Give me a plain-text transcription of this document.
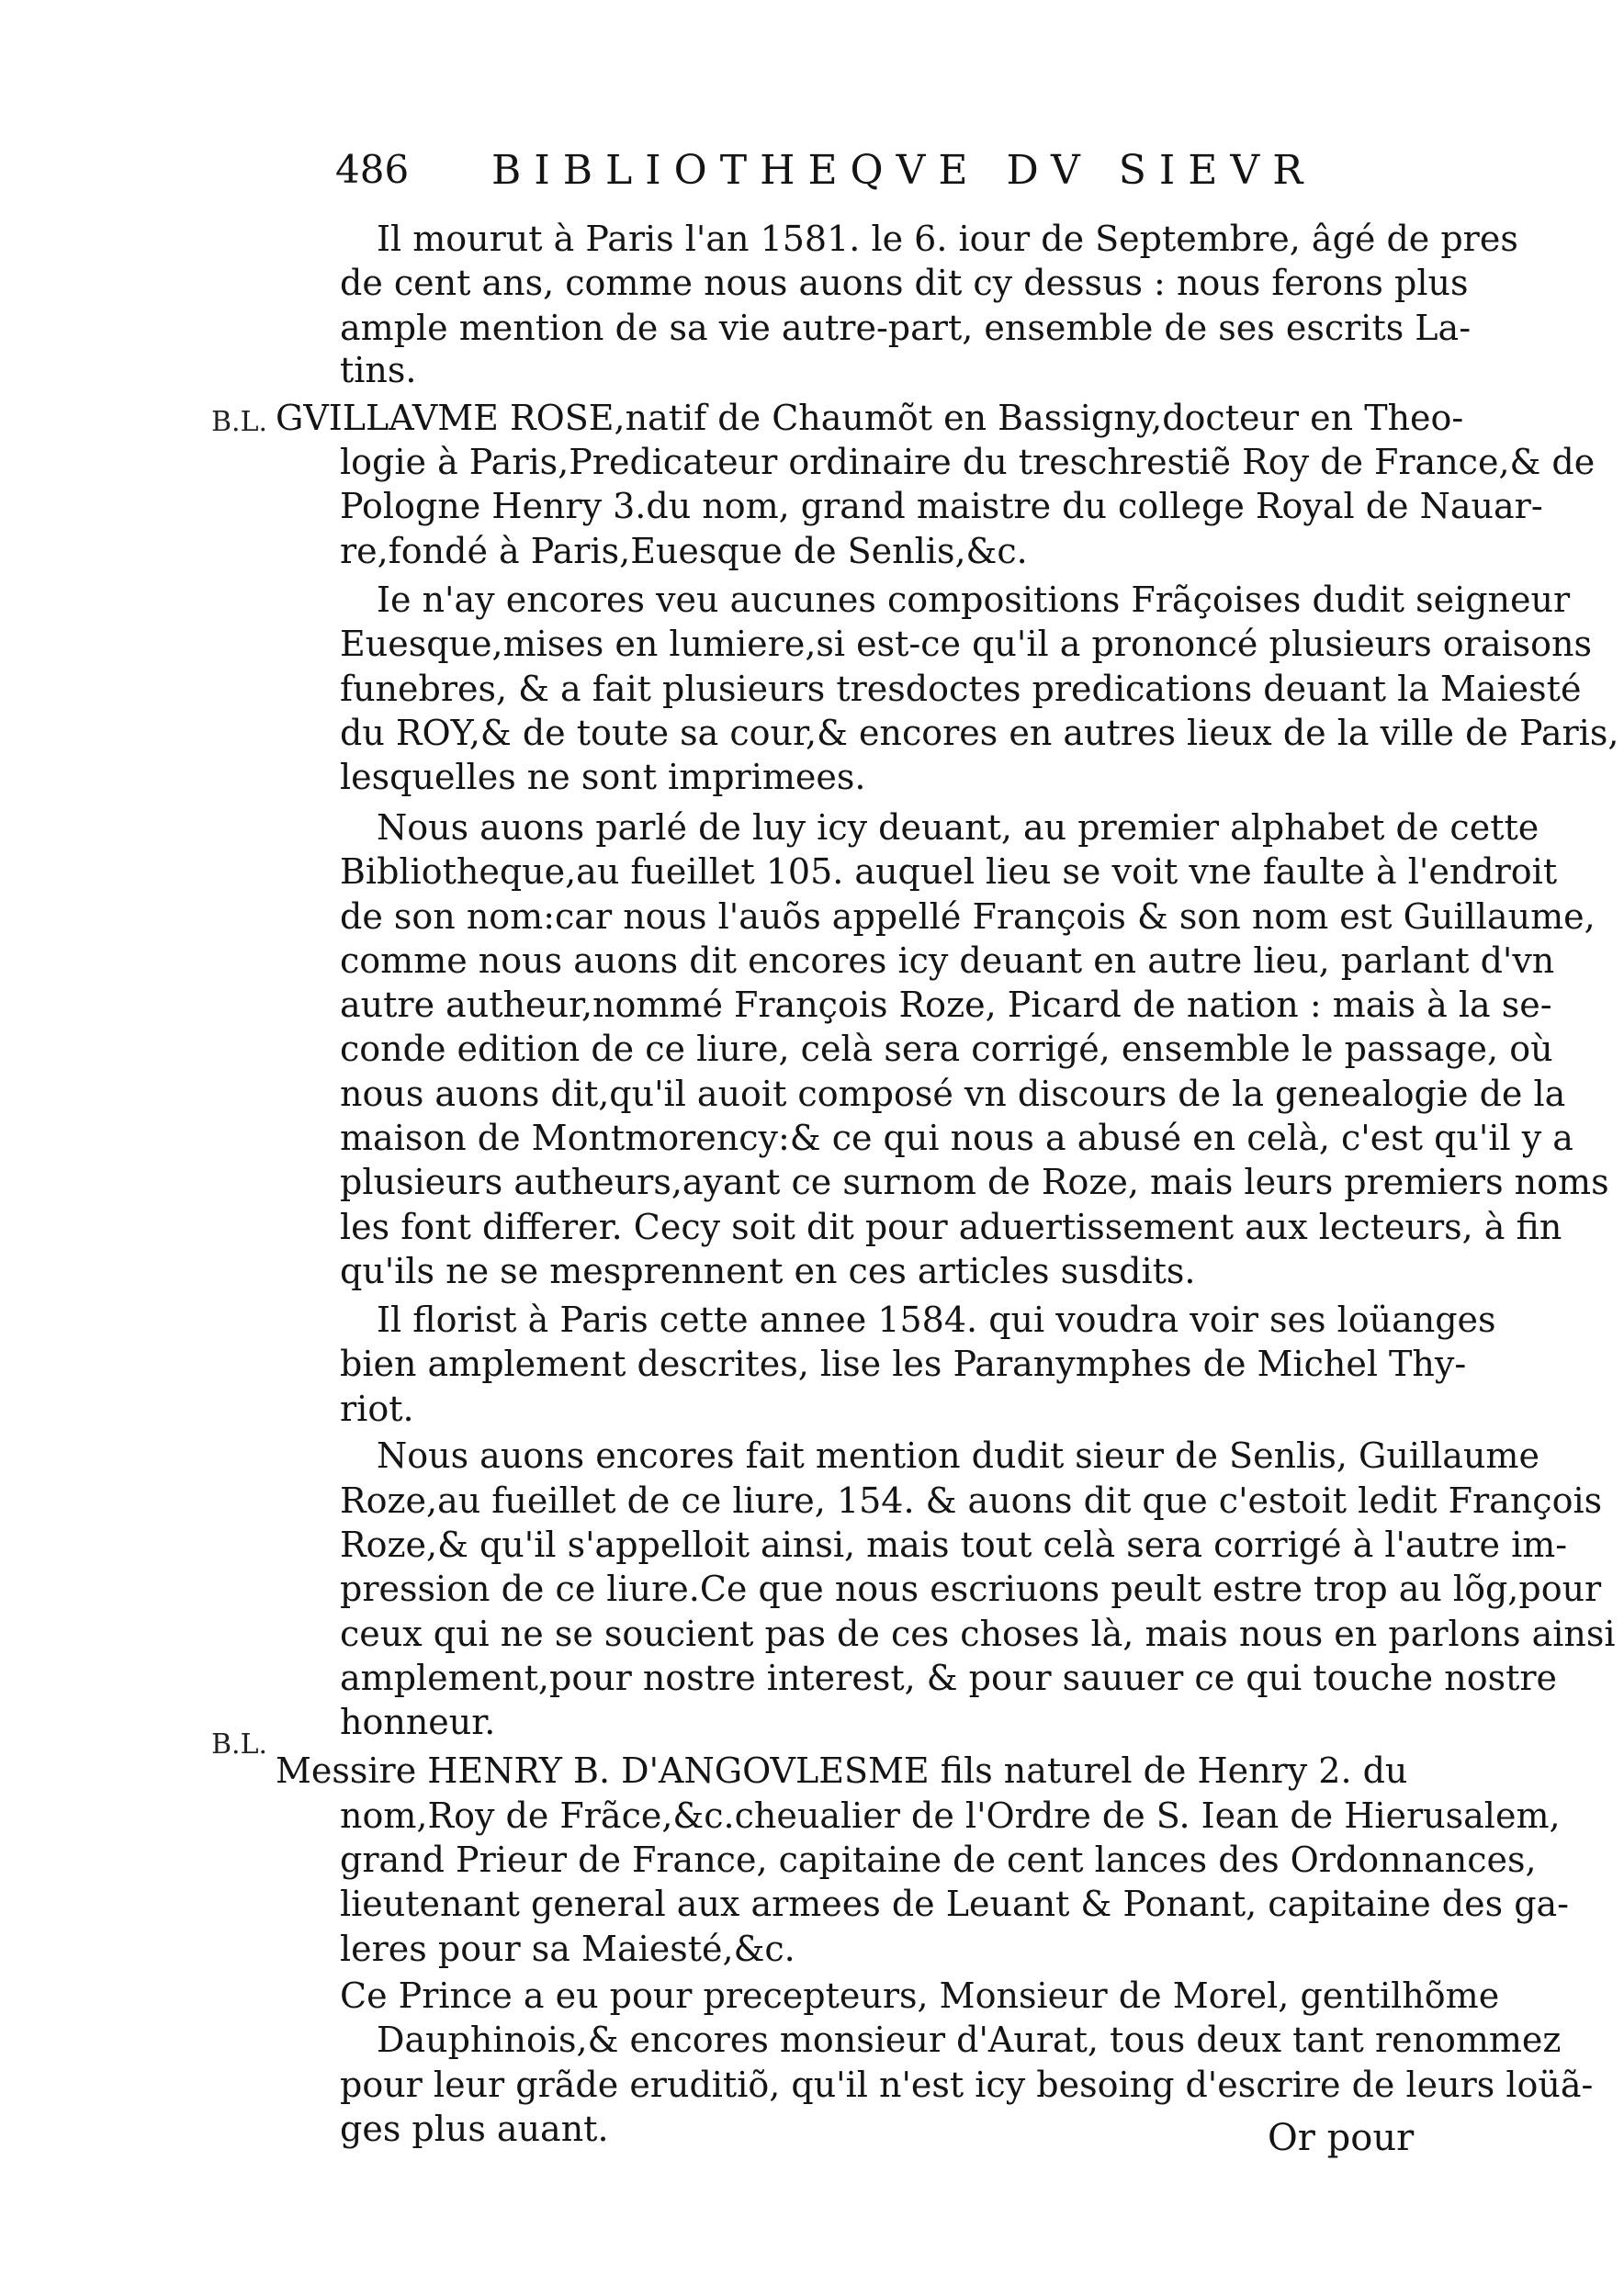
486 BIBLIOTHEQVE DV SIEVR
B.L.
B.L.
Il mourut à Paris l'an 1581. le 6. iour de Septembre, âgé de pres
de cent ans, comme nous auons dit cy dessus : nous ferons plus
ample mention de sa vie autre-part, ensemble de ses escrits La-
tins.
GVILLAVME ROSE,natif de Chaumõt en Bassigny,docteur en Theo-
logie à Paris,Predicateur ordinaire du treschrestiẽ Roy de France,& de
Pologne Henry 3.du nom, grand maistre du college Royal de Nauar-
re,fondé à Paris,Euesque de Senlis,&c.
Ie n'ay encores veu aucunes compositions Frãçoises dudit seigneur
Euesque,mises en lumiere,si est-ce qu'il a prononcé plusieurs oraisons
funebres, & a fait plusieurs tresdoctes predications deuant la Maiesté
du ROY,& de toute sa cour,& encores en autres lieux de la ville de Paris,
lesquelles ne sont imprimees.
Nous auons parlé de luy icy deuant, au premier alphabet de cette
Bibliotheque,au fueillet 105. auquel lieu se voit vne faulte à l'endroit
de son nom:car nous l'auõs appellé François & son nom est Guillaume,
comme nous auons dit encores icy deuant en autre lieu, parlant d'vn
autre autheur,nommé François Roze, Picard de nation : mais à la se-
conde edition de ce liure, celà sera corrigé, ensemble le passage, où
nous auons dit,qu'il auoit composé vn discours de la genealogie de la
maison de Montmorency:& ce qui nous a abusé en celà, c'est qu'il y a
plusieurs autheurs,ayant ce surnom de Roze, mais leurs premiers noms
les font differer. Cecy soit dit pour aduertissement aux lecteurs, à fin
qu'ils ne se mesprennent en ces articles susdits.
Il florist à Paris cette annee 1584. qui voudra voir ses loüanges
bien amplement descrites, lise les Paranymphes de Michel Thy-
riot.
Nous auons encores fait mention dudit sieur de Senlis, Guillaume
Roze,au fueillet de ce liure, 154. & auons dit que c'estoit ledit François
Roze,& qu'il s'appelloit ainsi, mais tout celà sera corrigé à l'autre im-
pression de ce liure.Ce que nous escriuons peult estre trop au lõg,pour
ceux qui ne se soucient pas de ces choses là, mais nous en parlons ainsi
amplement,pour nostre interest, & pour sauuer ce qui touche nostre
honneur.
Messire HENRY B. D'ANGOVLESME fils naturel de Henry 2. du
nom,Roy de Frãce,&c.cheualier de l'Ordre de S. Iean de Hierusalem,
grand Prieur de France, capitaine de cent lances des Ordonnances,
lieutenant general aux armees de Leuant & Ponant, capitaine des ga-
leres pour sa Maiesté,&c.
Ce Prince a eu pour precepteurs, Monsieur de Morel, gentilhõme
Dauphinois,& encores monsieur d'Aurat, tous deux tant renommez
pour leur grãde eruditiõ, qu'il n'est icy besoing d'escrire de leurs loüã-
ges plus auant.	Or pour
